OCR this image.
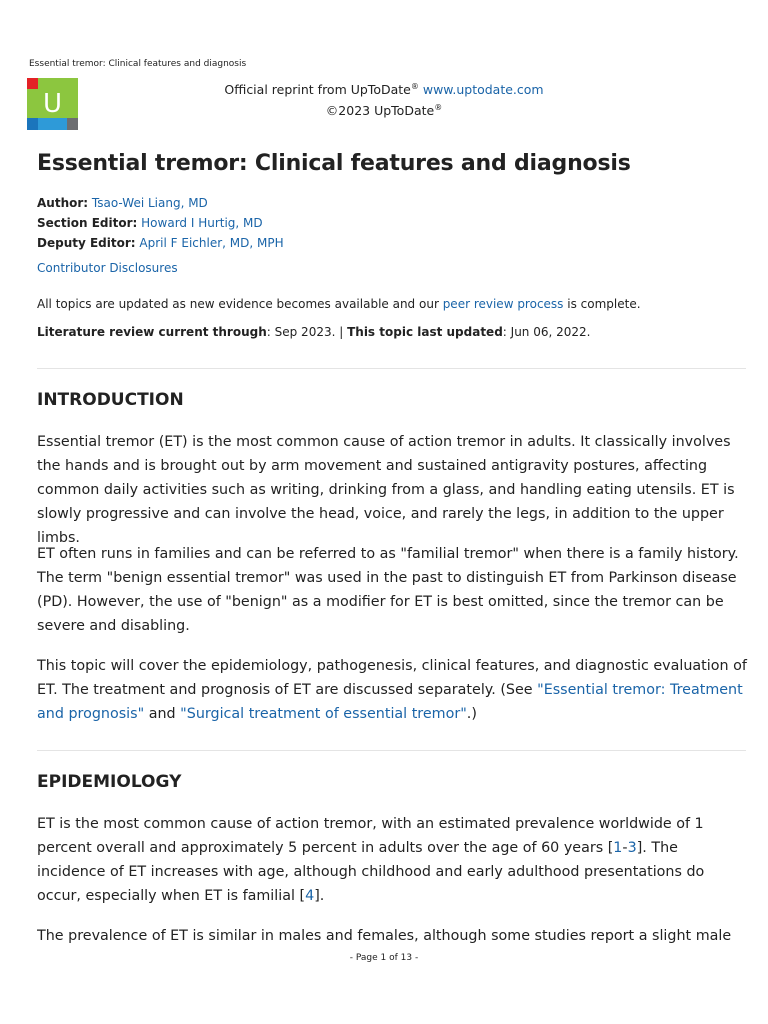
Essential tremor: Clinical features and diagnosis
U	Official reprint from UpToDate® www.uptodate.com
©2023 UpToDate®
Essential tremor: Clinical features and diagnosis
Author: Tsao-Wei Liang, MD
Section Editor: Howard I Hurtig, MD
Deputy Editor: April F Eichler, MD, MPH
Contributor Disclosures
All topics are updated as new evidence becomes available and our peer review process is complete.
Literature review current through: Sep 2023. | This topic last updated: Jun 06, 2022.
INTRODUCTION

Essential tremor (ET) is the most common cause of action tremor in adults. It classically involves the hands and is brought out by arm movement and sustained antigravity postures, affecting common daily activities such as writing, drinking from a glass, and handling eating utensils. ET is slowly progressive and can involve the head, voice, and rarely the legs, in addition to the upper limbs.

ET often runs in families and can be referred to as "familial tremor" when there is a family history. The term "benign essential tremor" was used in the past to distinguish ET from Parkinson disease (PD). However, the use of "benign" as a modifier for ET is best omitted, since the tremor can be severe and disabling.

This topic will cover the epidemiology, pathogenesis, clinical features, and diagnostic evaluation of ET. The treatment and prognosis of ET are discussed separately. (See "Essential tremor: Treatment and prognosis" and "Surgical treatment of essential tremor".)

EPIDEMIOLOGY

ET is the most common cause of action tremor, with an estimated prevalence worldwide of 1 percent overall and approximately 5 percent in adults over the age of 60 years [1-3]. The incidence of ET increases with age, although childhood and early adulthood presentations do occur, especially when ET is familial [4].

The prevalence of ET is similar in males and females, although some studies report a slight male

- Page 1 of 13 -
